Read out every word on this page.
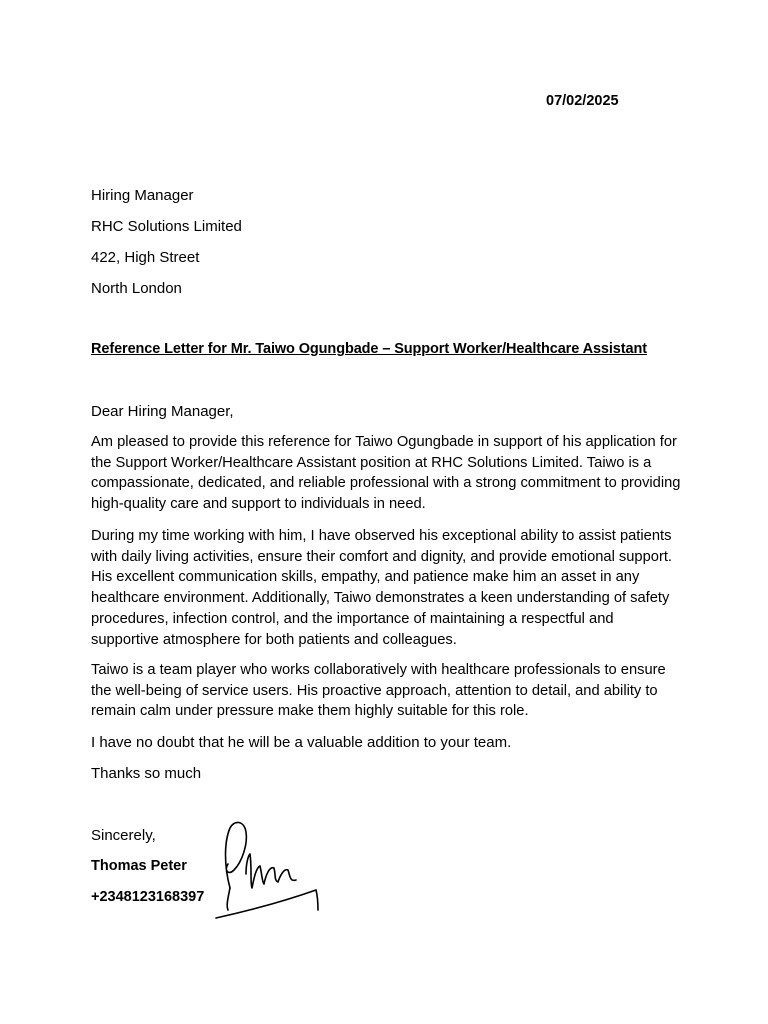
07/02/2025
Hiring Manager
RHC Solutions Limited
422, High Street
North London
Reference Letter for Mr. Taiwo Ogungbade – Support Worker/Healthcare Assistant
Dear Hiring Manager,
Am pleased to provide this reference for Taiwo Ogungbade in support of his application for the Support Worker/Healthcare Assistant position at RHC Solutions Limited. Taiwo is a compassionate, dedicated, and reliable professional with a strong commitment to providing high-quality care and support to individuals in need.
During my time working with him, I have observed his exceptional ability to assist patients with daily living activities, ensure their comfort and dignity, and provide emotional support. His excellent communication skills, empathy, and patience make him an asset in any healthcare environment. Additionally, Taiwo demonstrates a keen understanding of safety procedures, infection control, and the importance of maintaining a respectful and supportive atmosphere for both patients and colleagues.
Taiwo is a team player who works collaboratively with healthcare professionals to ensure the well-being of service users. His proactive approach, attention to detail, and ability to remain calm under pressure make them highly suitable for this role.
I have no doubt that he will be a valuable addition to your team.
Thanks so much
Sincerely,
Thomas Peter
+2348123168397
